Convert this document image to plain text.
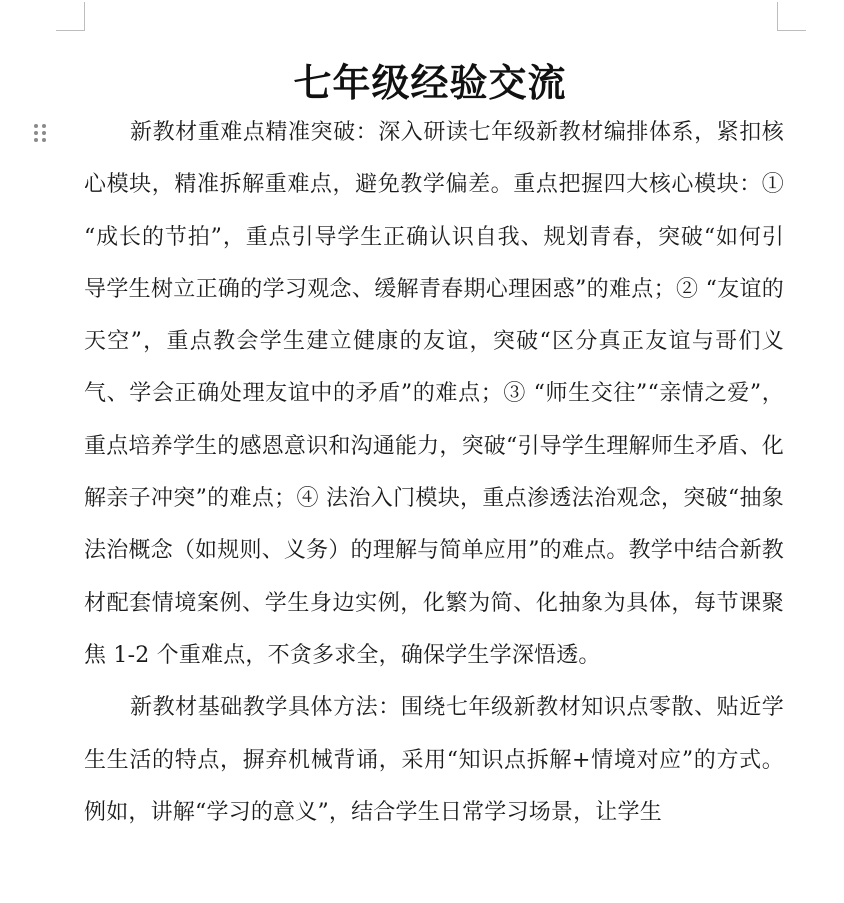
七年级经验交流

新教材重难点精准突破：深入研读七年级新教材编排体系，紧扣核心模块，精准拆解重难点，避免教学偏差。重点把握四大核心模块：① “成长的节拍”，重点引导学生正确认识自我、规划青春，突破“如何引导学生树立正确的学习观念、缓解青春期心理困惑”的难点；② “友谊的天空”，重点教会学生建立健康的友谊，突破“区分真正友谊与哥们义气、学会正确处理友谊中的矛盾”的难点；③ “师生交往”“亲情之爱”，重点培养学生的感恩意识和沟通能力，突破“引导学生理解师生矛盾、化解亲子冲突”的难点；④ 法治入门模块，重点渗透法治观念，突破“抽象法治概念（如规则、义务）的理解与简单应用”的难点。教学中结合新教材配套情境案例、学生身边实例，化繁为简、化抽象为具体，每节课聚焦 1-2 个重难点，不贪多求全，确保学生学深悟透。

新教材基础教学具体方法：围绕七年级新教材知识点零散、贴近学生生活的特点，摒弃机械背诵，采用“知识点拆解+情境对应”的方式。例如，讲解“学习的意义”，结合学生日常学习场景，让学生
